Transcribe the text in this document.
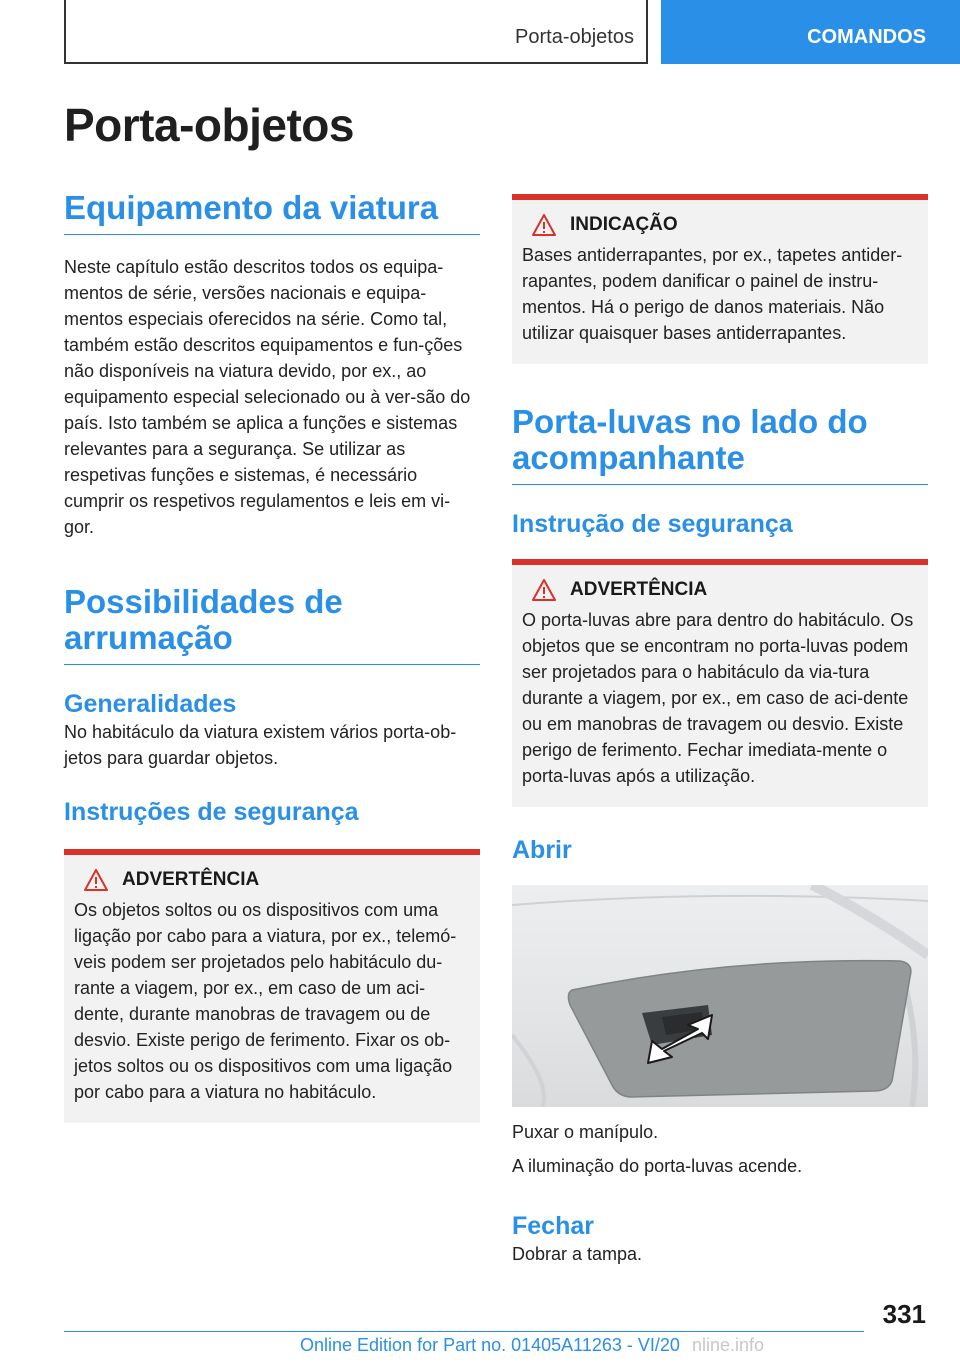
Porta-objetos	COMANDOS
Porta-objetos
Equipamento da viatura

Neste capítulo estão descritos todos os equipa-mentos de série, versões nacionais e equipa-mentos especiais oferecidos na série. Como tal, também estão descritos equipamentos e fun-ções não disponíveis na viatura devido, por ex., ao equipamento especial selecionado ou à ver-são do país. Isto também se aplica a funções e sistemas relevantes para a segurança. Se utilizar as respetivas funções e sistemas, é necessário cumprir os respetivos regulamentos e leis em vi-gor.

Possibilidades de arrumação
Generalidades

No habitáculo da viatura existem vários porta-ob-jetos para guardar objetos.

Instruções de segurança
ADVERTÊNCIA

Os objetos soltos ou os dispositivos com uma ligação por cabo para a viatura, por ex., telemó-veis podem ser projetados pelo habitáculo du-rante a viagem, por ex., em caso de um aci-dente, durante manobras de travagem ou de desvio. Existe perigo de ferimento. Fixar os ob-jetos soltos ou os dispositivos com uma ligação por cabo para a viatura no habitáculo.

INDICAÇÃO

Bases antiderrapantes, por ex., tapetes antider-rapantes, podem danificar o painel de instru-mentos. Há o perigo de danos materiais. Não utilizar quaisquer bases antiderrapantes.

Porta-luvas no lado do acompanhante
Instrução de segurança
ADVERTÊNCIA

O porta-luvas abre para dentro do habitáculo. Os objetos que se encontram no porta-luvas podem ser projetados para o habitáculo da via-tura durante a viagem, por ex., em caso de aci-dente ou em manobras de travagem ou desvio. Existe perigo de ferimento. Fechar imediata-mente o porta-luvas após a utilização.

Abrir

Puxar o manípulo.

A iluminação do porta-luvas acende.

Fechar

Dobrar a tampa.

331
Online Edition for Part no. 01405A11263 - VI/20 nline.info
